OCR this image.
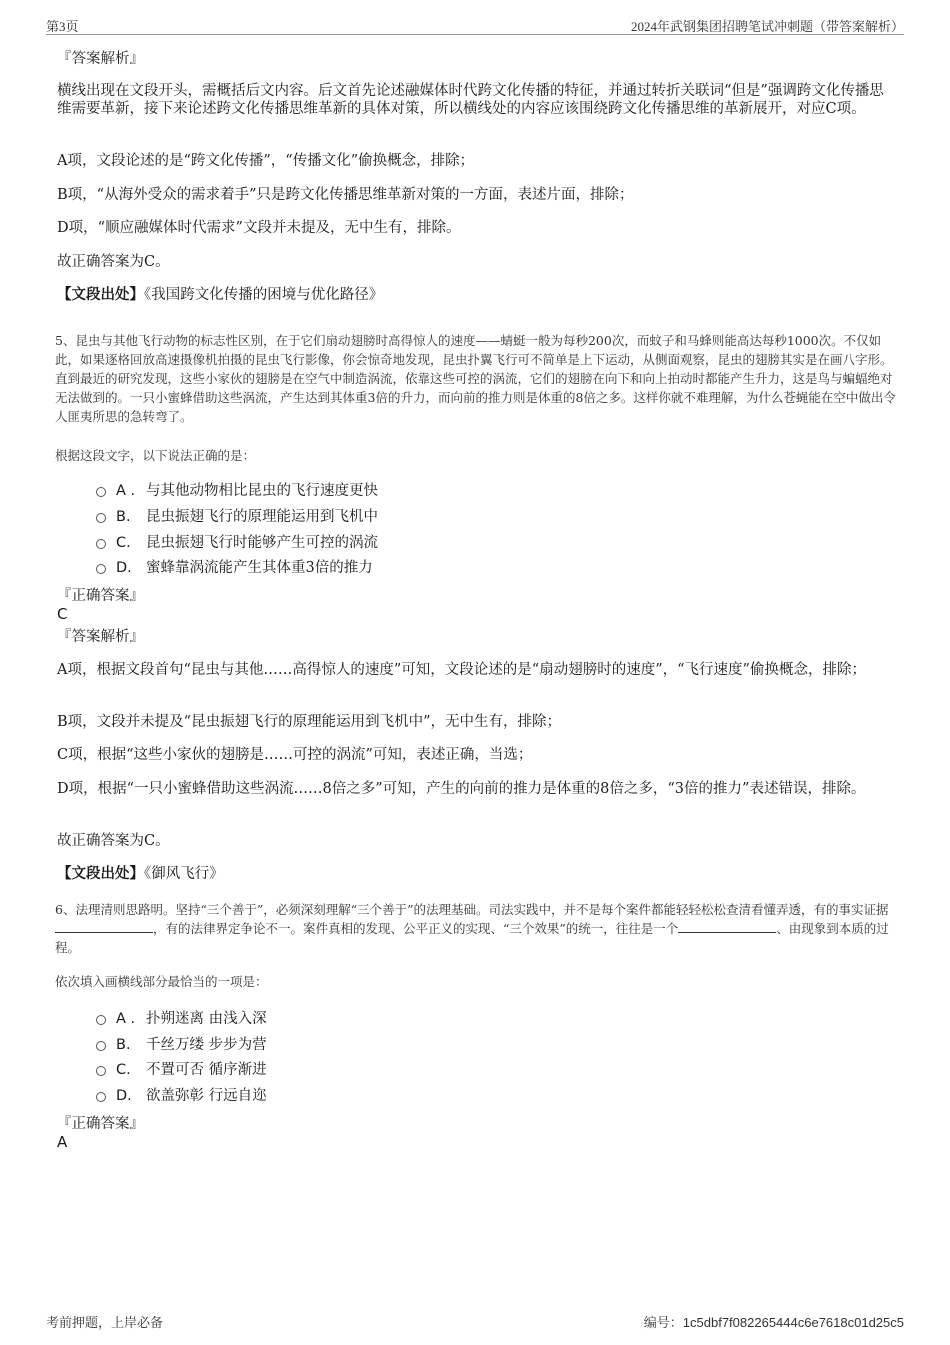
第3页	2024年武钢集团招聘笔试冲刺题（带答案解析）
『答案解析』
横线出现在文段开头，需概括后文内容。后文首先论述融媒体时代跨文化传播的特征，并通过转折关联词“但是”强调跨文化传播思维需要革新，接下来论述跨文化传播思维革新的具体对策，所以横线处的内容应该围绕跨文化传播思维的革新展开，对应C项。
A项，文段论述的是“跨文化传播”，“传播文化”偷换概念，排除；
B项，“从海外受众的需求着手”只是跨文化传播思维革新对策的一方面，表述片面，排除；
D项，“顺应融媒体时代需求”文段并未提及，无中生有，排除。
故正确答案为C。
【文段出处】《我国跨文化传播的困境与优化路径》
5、昆虫与其他飞行动物的标志性区别，在于它们扇动翅膀时高得惊人的速度——蜻蜓一般为每秒200次，而蚊子和马蜂则能高达每秒1000次。不仅如此，如果逐格回放高速摄像机拍摄的昆虫飞行影像，你会惊奇地发现，昆虫扑翼飞行可不简单是上下运动，从侧面观察，昆虫的翅膀其实是在画八字形。直到最近的研究发现，这些小家伙的翅膀是在空气中制造涡流，依靠这些可控的涡流，它们的翅膀在向下和向上拍动时都能产生升力，这是鸟与蝙蝠绝对无法做到的。一只小蜜蜂借助这些涡流，产生达到其体重3倍的升力，而向前的推力则是体重的8倍之多。这样你就不难理解，为什么苍蝇能在空中做出令人匪夷所思的急转弯了。
根据这段文字，以下说法正确的是：
A . 与其他动物相比昆虫的飞行速度更快
B. 昆虫振翅飞行的原理能运用到飞机中
C. 昆虫振翅飞行时能够产生可控的涡流
D. 蜜蜂靠涡流能产生其体重3倍的推力
『正确答案』
C
『答案解析』
A项，根据文段首句“昆虫与其他……高得惊人的速度”可知，文段论述的是“扇动翅膀时的速度”，“飞行速度”偷换概念，排除；
B项，文段并未提及“昆虫振翅飞行的原理能运用到飞机中”，无中生有，排除；
C项，根据“这些小家伙的翅膀是……可控的涡流”可知，表述正确，当选；
D项，根据“一只小蜜蜂借助这些涡流……8倍之多”可知，产生的向前的推力是体重的8倍之多，“3倍的推力”表述错误，排除。
故正确答案为C。
【文段出处】《御风飞行》
6、法理清则思路明。坚持“三个善于”，必须深刻理解“三个善于”的法理基础。司法实践中，并不是每个案件都能轻轻松松查清看懂弄透，有的事实证据，有的法律界定争论不一。案件真相的发现、公平正义的实现、“三个效果”的统一，往往是一个	、由现象到本质的过程。
依次填入画横线部分最恰当的一项是：
A . 扑朔迷离 由浅入深
B. 千丝万缕 步步为营
C. 不置可否 循序渐进
D. 欲盖弥彰 行远自迩
『正确答案』
A
考前押题，上岸必备	编号：1c5dbf7f082265444c6e7618c01d25c5
